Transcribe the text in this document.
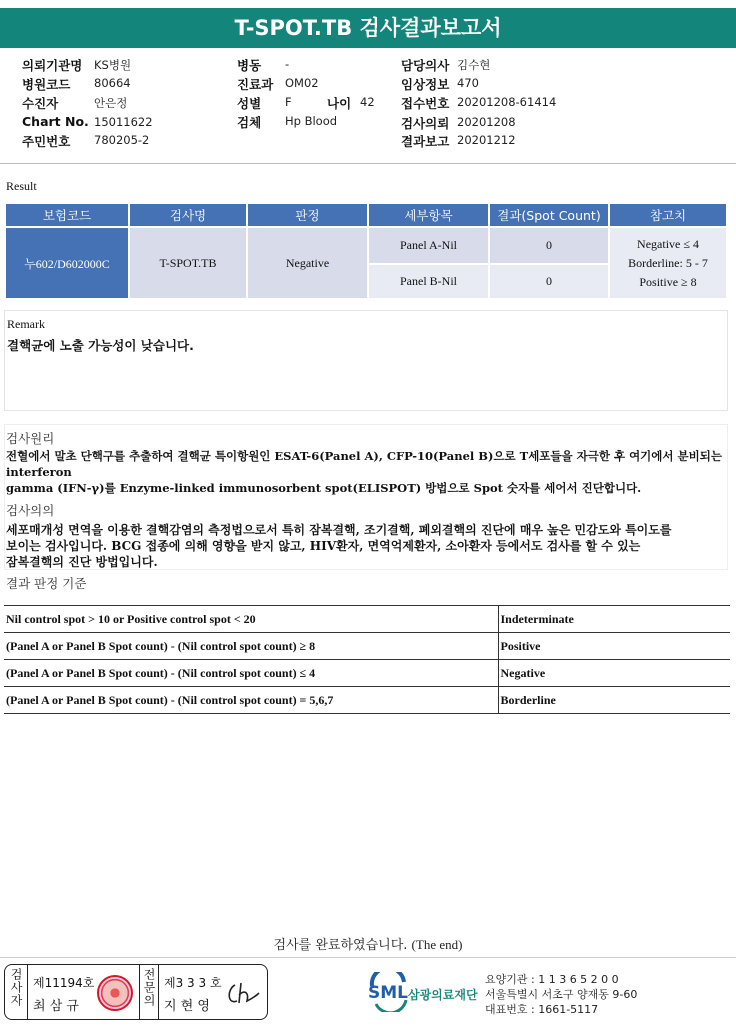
T-SPOT.TB 검사결과보고서
의뢰기관명 KS병원
병원코드 80664
수진자	안은정
Chart No. 15011622
주민번호 780205-2
병동 -
진료과 OM02
성별 F	나이 42
검체 Hp Blood
담당의사 김수현
임상정보 470
접수번호 20201208-61414
검사의뢰 20201208
결과보고 20201212
Result
보험코드	검사명	판정	세부항목	결과(Spot Count)	참고치
누602/D602000C	T-SPOT.TB	Negative	Panel A-Nil	0	Negative ≤ 4
Borderline: 5 - 7
Positive ≥ 8

			Panel B-Nil	0	
Remark
결핵균에 노출 가능성이 낮습니다.
검사원리
전혈에서 말초 단핵구를 추출하여 결핵균 특이항원인 ESAT-6(Panel A), CFP-10(Panel B)으로 T세포들을 자극한 후 여기에서 분비되는 interferon
gamma (IFN-γ)를 Enzyme-linked immunosorbent spot(ELISPOT) 방법으로 Spot 숫자를 세어서 진단합니다.
검사의의
세포매개성 면역을 이용한 결핵감염의 측정법으로서 특히 잠복결핵, 조기결핵, 폐외결핵의 진단에 매우 높은 민감도와 특이도를
보이는 검사입니다. BCG 접종에 의해 영향을 받지 않고, HIV환자, 면역억제환자, 소아환자 등에서도 검사를 할 수 있는
잠복결핵의 진단 방법입니다.
결과 판정 기준
Nil control spot > 10 or Positive control spot < 20	Indeterminate
(Panel A or Panel B Spot count) - (Nil control spot count) ≥ 8	Positive
(Panel A or Panel B Spot count) - (Nil control spot count) ≤ 4	Negative
(Panel A or Panel B Spot count) - (Nil control spot count) = 5,6,7	Borderline
검사를 완료하였습니다. (The end)
검사자 제11194호
최 삼 규	전문의 제3 3 3 호
지 현 영
SML 삼광의료재단
요양기관 : 1 1 3 6 5 2 0 0
서울특별시 서초구 양재동 9-60
대표번호 : 1661-5117
